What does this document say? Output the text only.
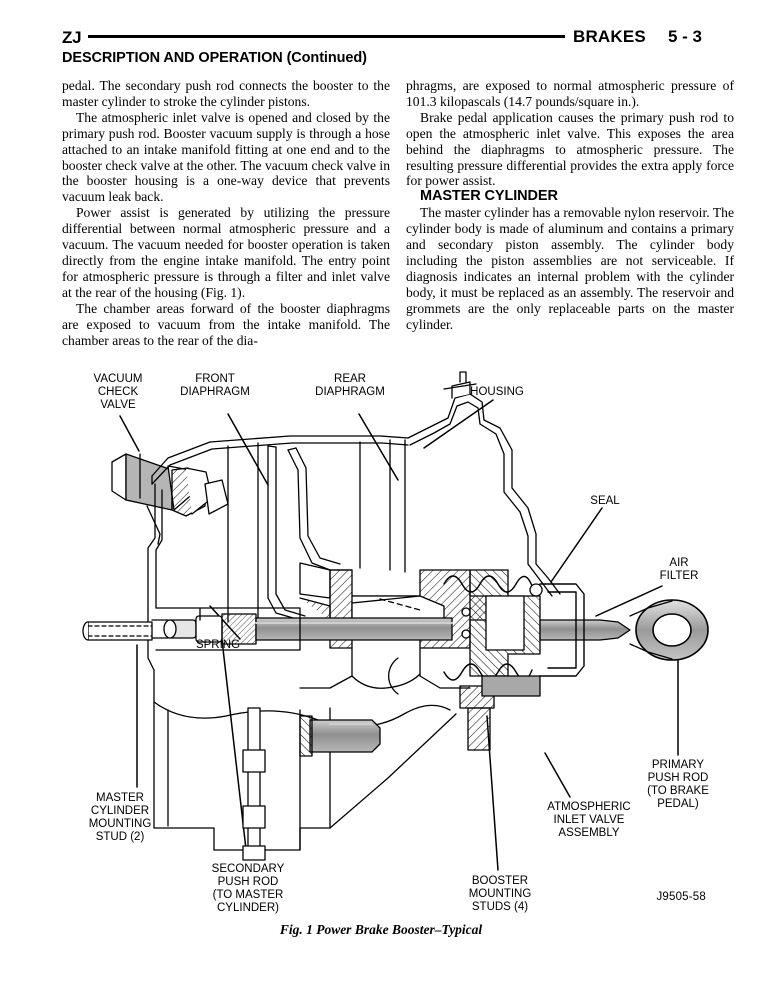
ZJ	BRAKES	5 - 3
DESCRIPTION AND OPERATION (Continued)

pedal. The secondary push rod connects the booster to the master cylinder to stroke the cylinder pistons.

The atmospheric inlet valve is opened and closed by the primary push rod. Booster vacuum supply is through a hose attached to an intake manifold fitting at one end and to the booster check valve at the other. The vacuum check valve in the booster housing is a one-way device that prevents vacuum leak back.

Power assist is generated by utilizing the pressure differential between normal atmospheric pressure and a vacuum. The vacuum needed for booster operation is taken directly from the engine intake manifold. The entry point for atmospheric pressure is through a filter and inlet valve at the rear of the housing (Fig. 1).

The chamber areas forward of the booster diaphragms are exposed to vacuum from the intake manifold. The chamber areas to the rear of the dia-

phragms, are exposed to normal atmospheric pressure of 101.3 kilopascals (14.7 pounds/square in.).

Brake pedal application causes the primary push rod to open the atmospheric inlet valve. This exposes the area behind the diaphragms to atmospheric pressure. The resulting pressure differential provides the extra apply force for power assist.

MASTER CYLINDER

The master cylinder has a removable nylon reservoir. The cylinder body is made of aluminum and contains a primary and secondary piston assembly. The cylinder body including the piston assemblies are not serviceable. If diagnosis indicates an internal problem with the cylinder body, it must be replaced as an assembly. The reservoir and grommets are the only replaceable parts on the master cylinder.

VACUUM
CHECK
VALVE
FRONT
DIAPHRAGM
REAR
DIAPHRAGM	HOUSING
SEAL
AIR
FILTER
SPRING
MASTER
CYLINDER
MOUNTING
STUD (2)
SECONDARY
PUSH ROD
(TO MASTER
CYLINDER)
BOOSTER
MOUNTING
STUDS (4)
ATMOSPHERIC
INLET VALVE
ASSEMBLY
PRIMARY
PUSH ROD
(TO BRAKE
PEDAL)
J9505-58
Fig. 1 Power Brake Booster–Typical
